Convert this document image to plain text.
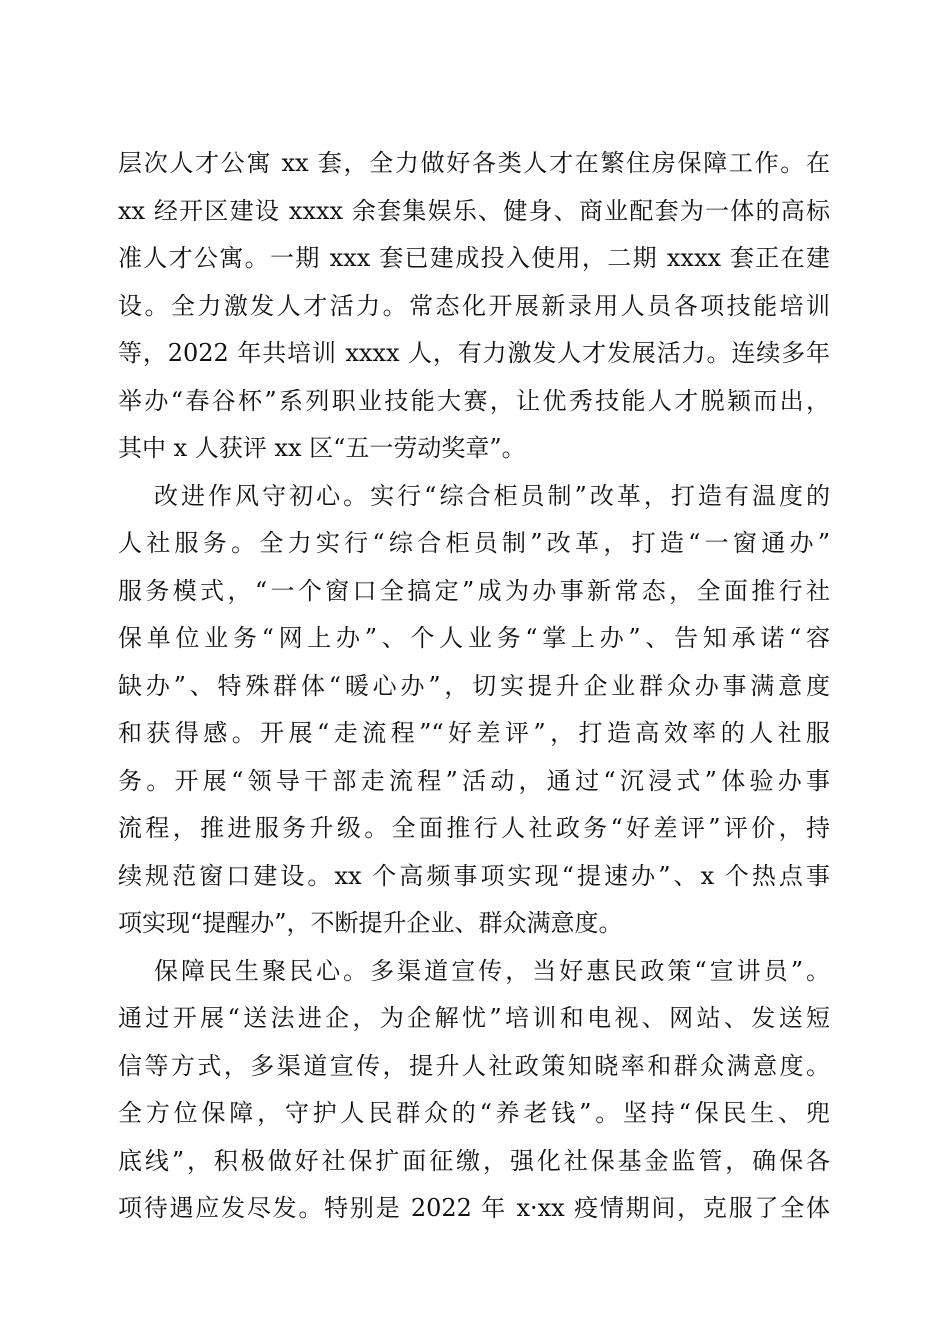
层次人才公寓 xx 套，全力做好各类人才在繁住房保障工作。在
xx 经开区建设 xxxx 余套集娱乐、健身、商业配套为一体的高标
准人才公寓。一期 xxx 套已建成投入使用，二期 xxxx 套正在建
设。全力激发人才活力。常态化开展新录用人员各项技能培训
等，2022 年共培训 xxxx 人，有力激发人才发展活力。连续多年
举办“春谷杯”系列职业技能大赛，让优秀技能人才脱颖而出，
其中 x 人获评 xx 区“五一劳动奖章”。
改进作风守初心。实行“综合柜员制”改革，打造有温度的
人社服务。全力实行“综合柜员制”改革，打造“一窗通办”
服务模式，“一个窗口全搞定”成为办事新常态，全面推行社
保单位业务“网上办”、个人业务“掌上办”、告知承诺“容
缺办”、特殊群体“暖心办”，切实提升企业群众办事满意度
和获得感。开展“走流程”“好差评”，打造高效率的人社服
务。开展“领导干部走流程”活动，通过“沉浸式”体验办事
流程，推进服务升级。全面推行人社政务“好差评”评价，持
续规范窗口建设。xx 个高频事项实现“提速办”、x 个热点事
项实现“提醒办”，不断提升企业、群众满意度。
保障民生聚民心。多渠道宣传，当好惠民政策“宣讲员”。
通过开展“送法进企，为企解忧”培训和电视、网站、发送短
信等方式，多渠道宣传，提升人社政策知晓率和群众满意度。
全方位保障，守护人民群众的“养老钱”。坚持“保民生、兜
底线”，积极做好社保扩面征缴，强化社保基金监管，确保各
项待遇应发尽发。特别是 2022 年 x·xx 疫情期间，克服了全体
